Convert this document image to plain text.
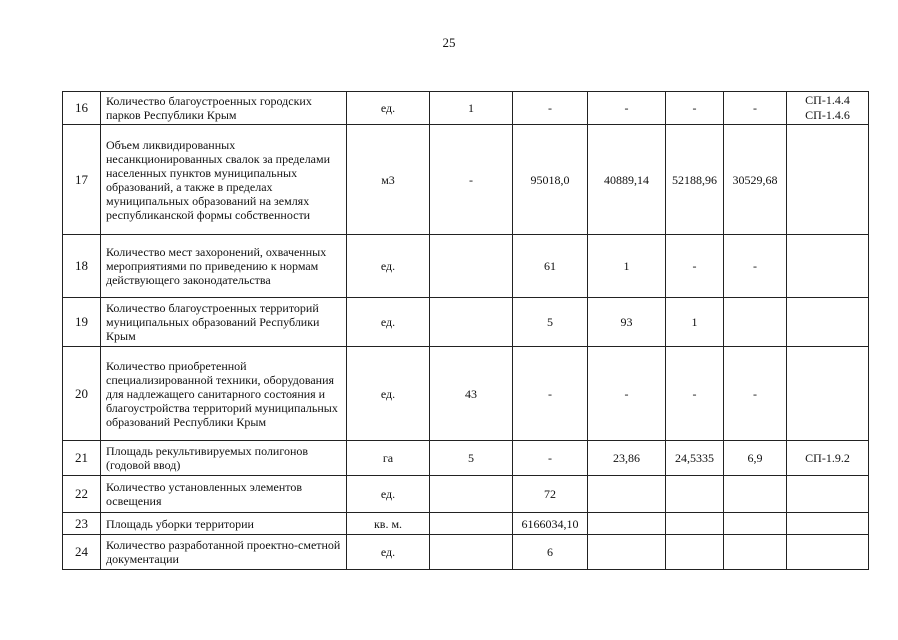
25
16	Количество благоустроенных городских парков Республики Крым	ед.	1	-	-	-	-	СП-1.4.4
СП-1.4.6
17	Объем ликвидированных несанкционированных свалок за пределами населенных пунктов муниципальных образований, а также в пределах муниципальных образований на землях республиканской формы собственности	м3	-	95018,0	40889,14	52188,96	30529,68	
18	Количество мест захоронений, охваченных мероприятиями по приведению к нормам действующего законодательства	ед.		61	1	-	-	
19	Количество благоустроенных территорий муниципальных образований Республики Крым	ед.		5	93	1		
20	Количество приобретенной специализированной техники, оборудования для надлежащего санитарного состояния и благоустройства территорий муниципальных образований Республики Крым	ед.	43	-	-	-	-	
21	Площадь рекультивируемых полигонов (годовой ввод)	га	5	-	23,86	24,5335	6,9	СП-1.9.2
22	Количество установленных элементов освещения	ед.		72				
23	Площадь уборки территории	кв. м.		6166034,10				
24	Количество разработанной проектно-сметной документации	ед.		6				
